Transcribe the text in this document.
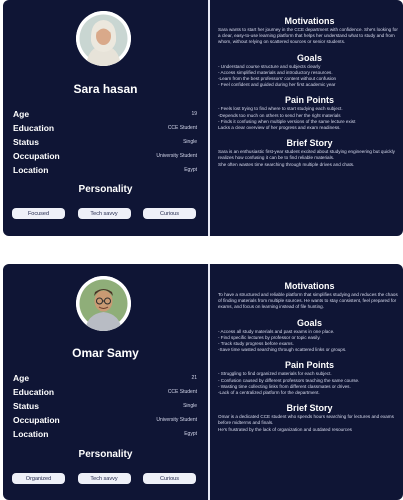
Sara hasan
Age	19
Education	CCE Student
Status	Single
Occupation	University Student
Location	Egypt
Personality
Focused	Tech savvy	Curious
Motivations

Sara wants to start her journey in the CCE department with confidence. She's looking for a clear, easy-to-use learning platform that helps her understand what to study and from whom, without relying on scattered sources or senior students.

Goals

- Understand course structure and subjects clearly

- Access simplified materials and introductory resources.

-Learn from the best professors' content without confusion

- Feel confident and guided during her first academic year

Pain Points

- Feels lost trying to find where to start studying each subject.

-Depends too much on others to send her the right materials

- Finds it confusing when multiple versions of the same lecture exist

Lacks a clear overview of her progress and exam readiness.

Brief Story

Sara is an enthusiastic first-year student excited about studying engineering but quickly realizes how confusing it can be to find reliable materials.

She often wastes time searching through multiple drives and chats.

Omar Samy
Age	21
Education	CCE Student
Status	Single
Occupation	University Student
Location	Egypt
Personality
Organized	Tech savvy	Curious
Motivations

To have a structured and reliable platform that simplifies studying and reduces the chaos of finding materials from multiple sources. He wants to stay consistent, feel prepared for exams, and focus on learning instead of file hunting.

Goals

- Access all study materials and past exams in one place.

- Find specific lectures by professor or topic easily.

- Track study progress before exams.

-Save time wasted searching through scattered links or groups.

Pain Points

- Struggling to find organized materials for each subject.

- Confusion caused by different professors teaching the same course.

- Wasting time collecting links from different classmates or drives.

-Lack of a centralized platform for the department.

Brief Story

Omar is a dedicated CCE student who spends hours searching for lectures and exams before midterms and finals.

He's frustrated by the lack of organization and outdated resources
